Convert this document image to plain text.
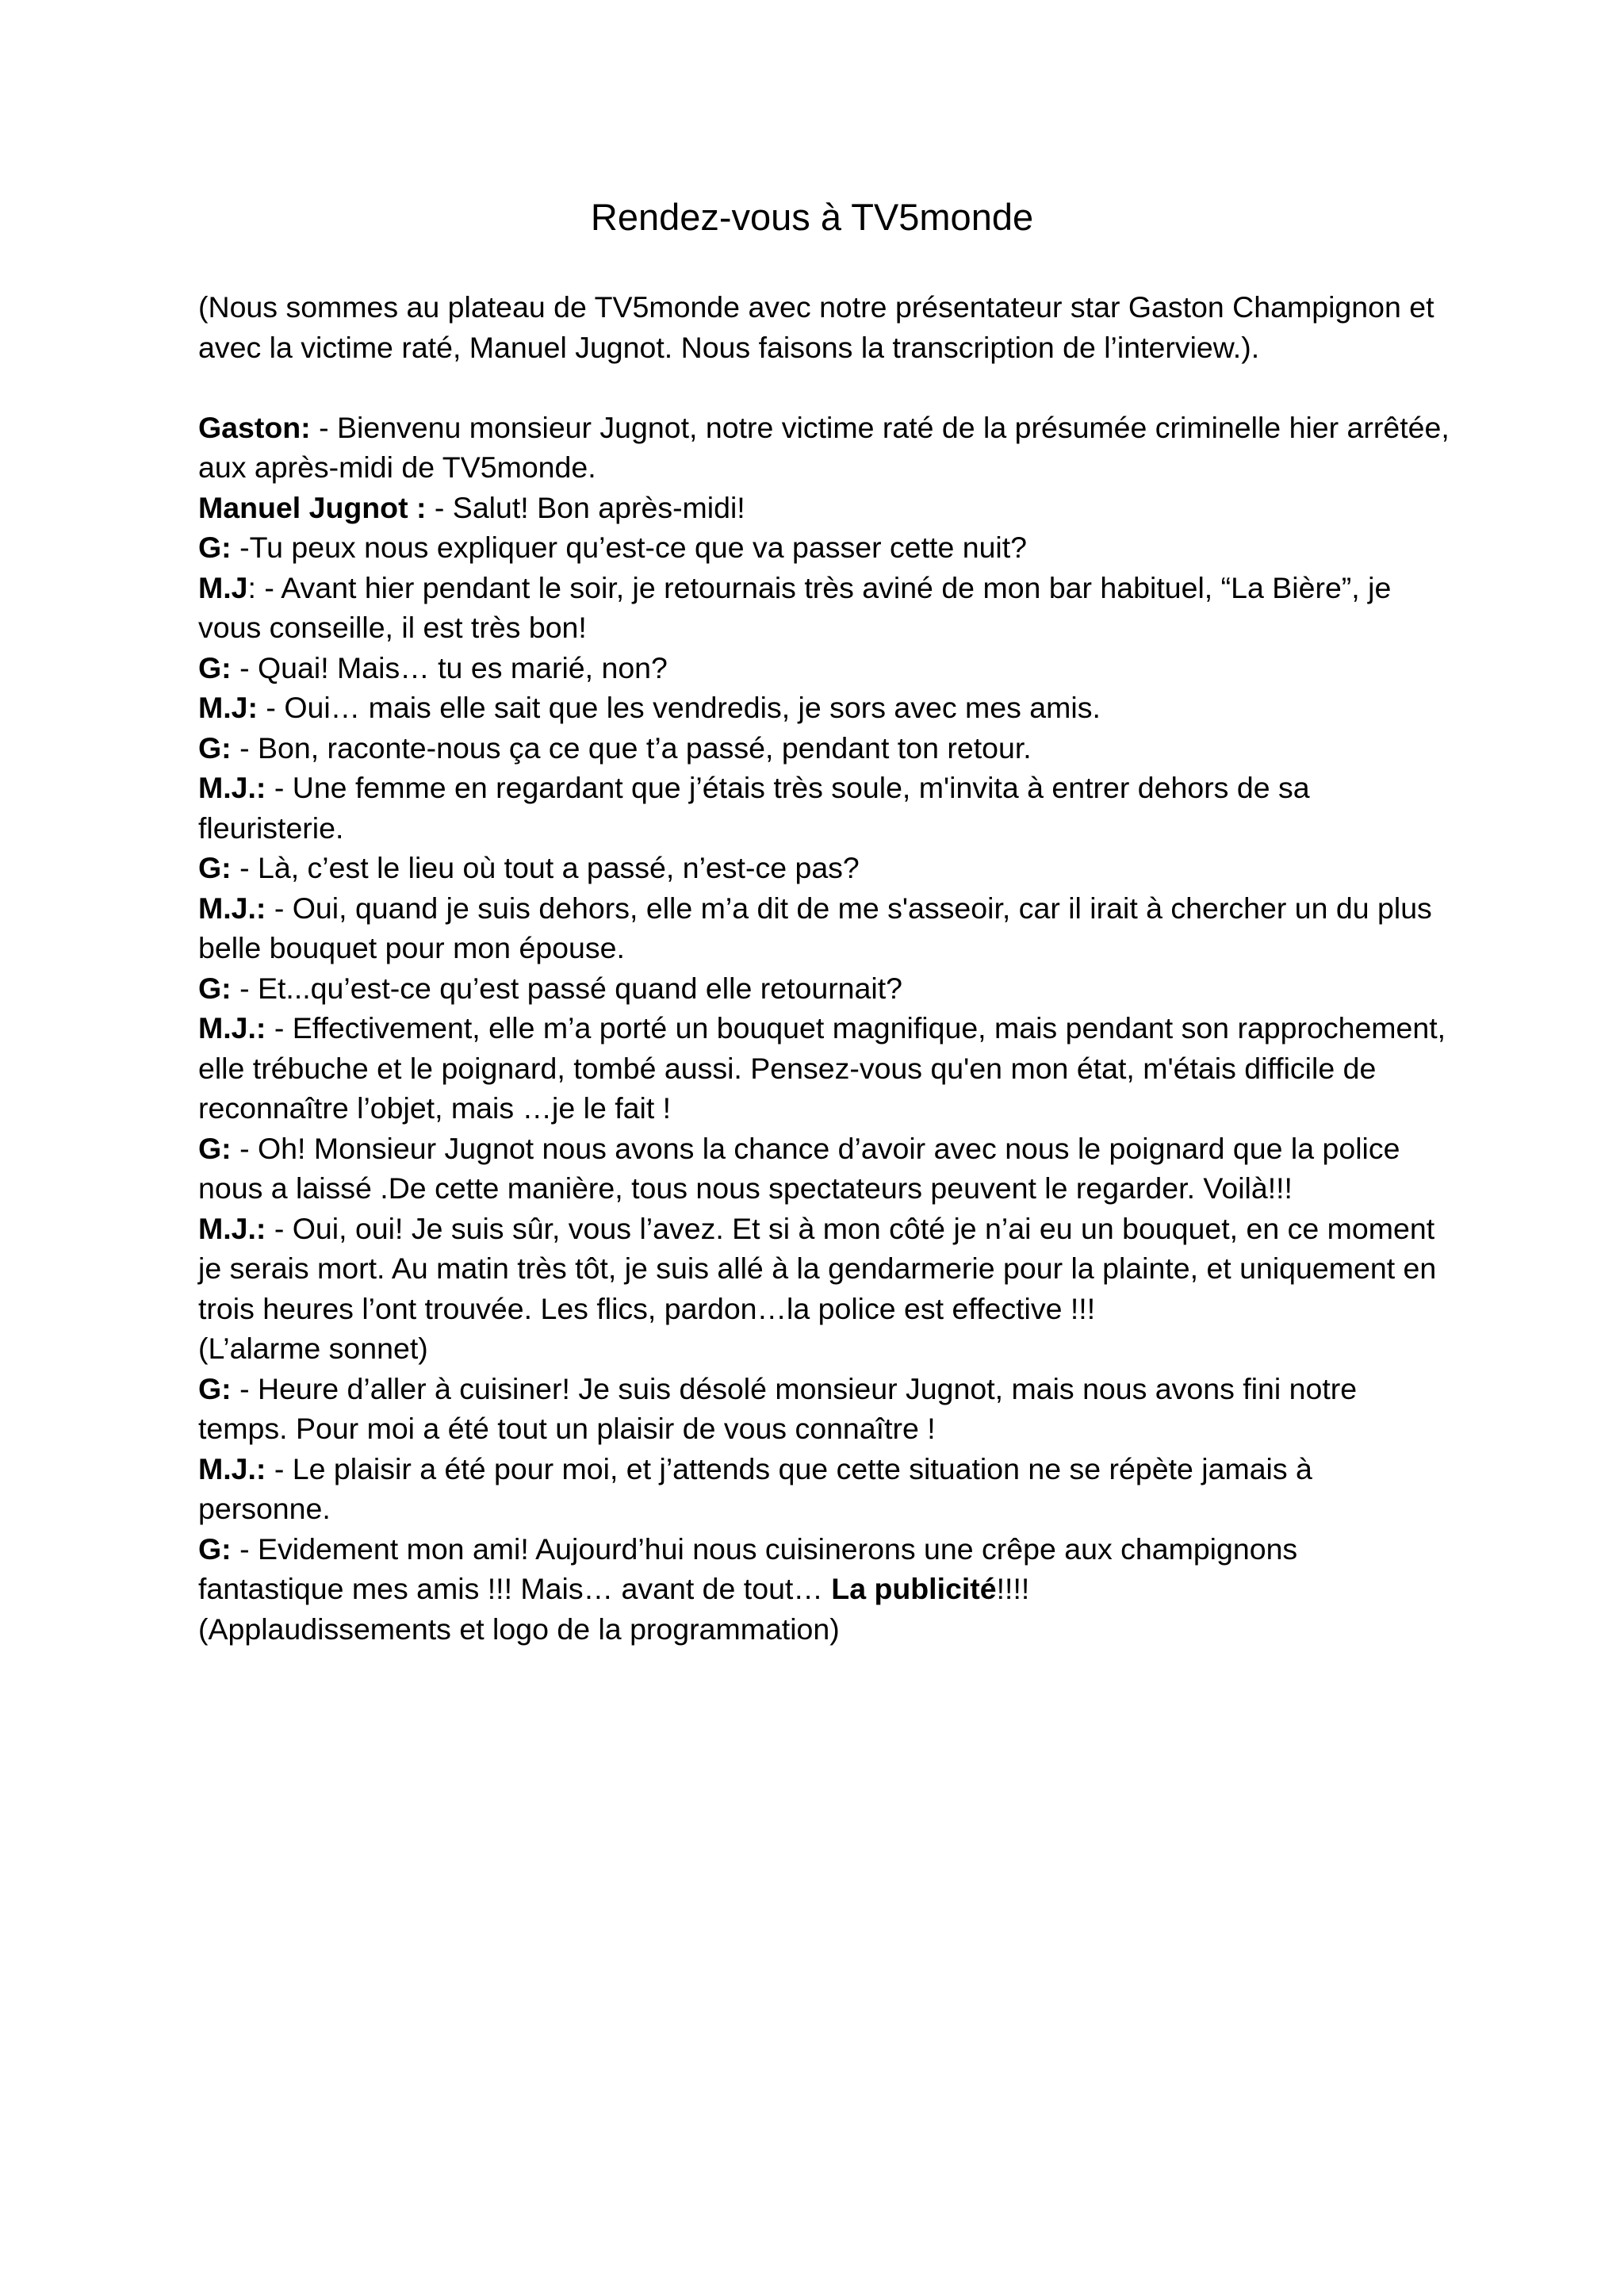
Rendez-vous à TV5monde

(Nous sommes au plateau de TV5monde avec notre présentateur star Gaston Champignon et avec la victime raté, Manuel Jugnot. Nous faisons la transcription de l’interview.).

Gaston: - Bienvenu monsieur Jugnot, notre victime raté de la présumée criminelle hier arrêtée, aux après-midi de TV5monde.

Manuel Jugnot : - Salut! Bon après-midi!

G: -Tu peux nous expliquer qu’est-ce que va passer cette nuit?

M.J: - Avant hier pendant le soir, je retournais très aviné de mon bar habituel, “La Bière”, je vous conseille, il est très bon!

G: - Quai! Mais… tu es marié, non?

M.J: - Oui… mais elle sait que les vendredis, je sors avec mes amis.

G: - Bon, raconte-nous ça ce que t’a passé, pendant ton retour.

M.J.: - Une femme en regardant que j’étais très soule, m'invita à entrer dehors de sa fleuristerie.

G: - Là, c’est le lieu où tout a passé, n’est-ce pas?

M.J.: - Oui, quand je suis dehors, elle m’a dit de me s'asseoir, car il irait à chercher un du plus belle bouquet pour mon épouse.

G: - Et...qu’est-ce qu’est passé quand elle retournait?

M.J.: - Effectivement, elle m’a porté un bouquet magnifique, mais pendant son rapprochement, elle trébuche et le poignard, tombé aussi. Pensez-vous qu'en mon état, m'étais difficile de reconnaître l’objet, mais …je le fait !

G: - Oh! Monsieur Jugnot nous avons la chance d’avoir avec nous le poignard que la police nous a laissé .De cette manière, tous nous spectateurs peuvent le regarder. Voilà!!!

M.J.: - Oui, oui! Je suis sûr, vous l’avez. Et si à mon côté je n’ai eu un bouquet, en ce moment je serais mort. Au matin très tôt, je suis allé à la gendarmerie pour la plainte, et uniquement en trois heures l’ont trouvée. Les flics, pardon…la police est effective !!!

(L’alarme sonnet)

G: - Heure d’aller à cuisiner! Je suis désolé monsieur Jugnot, mais nous avons fini notre temps. Pour moi a été tout un plaisir de vous connaître !

M.J.: - Le plaisir a été pour moi, et j’attends que cette situation ne se répète jamais à personne.

G: - Evidement mon ami! Aujourd’hui nous cuisinerons une crêpe aux champignons fantastique mes amis !!! Mais… avant de tout… La publicité!!!!

(Applaudissements et logo de la programmation)
